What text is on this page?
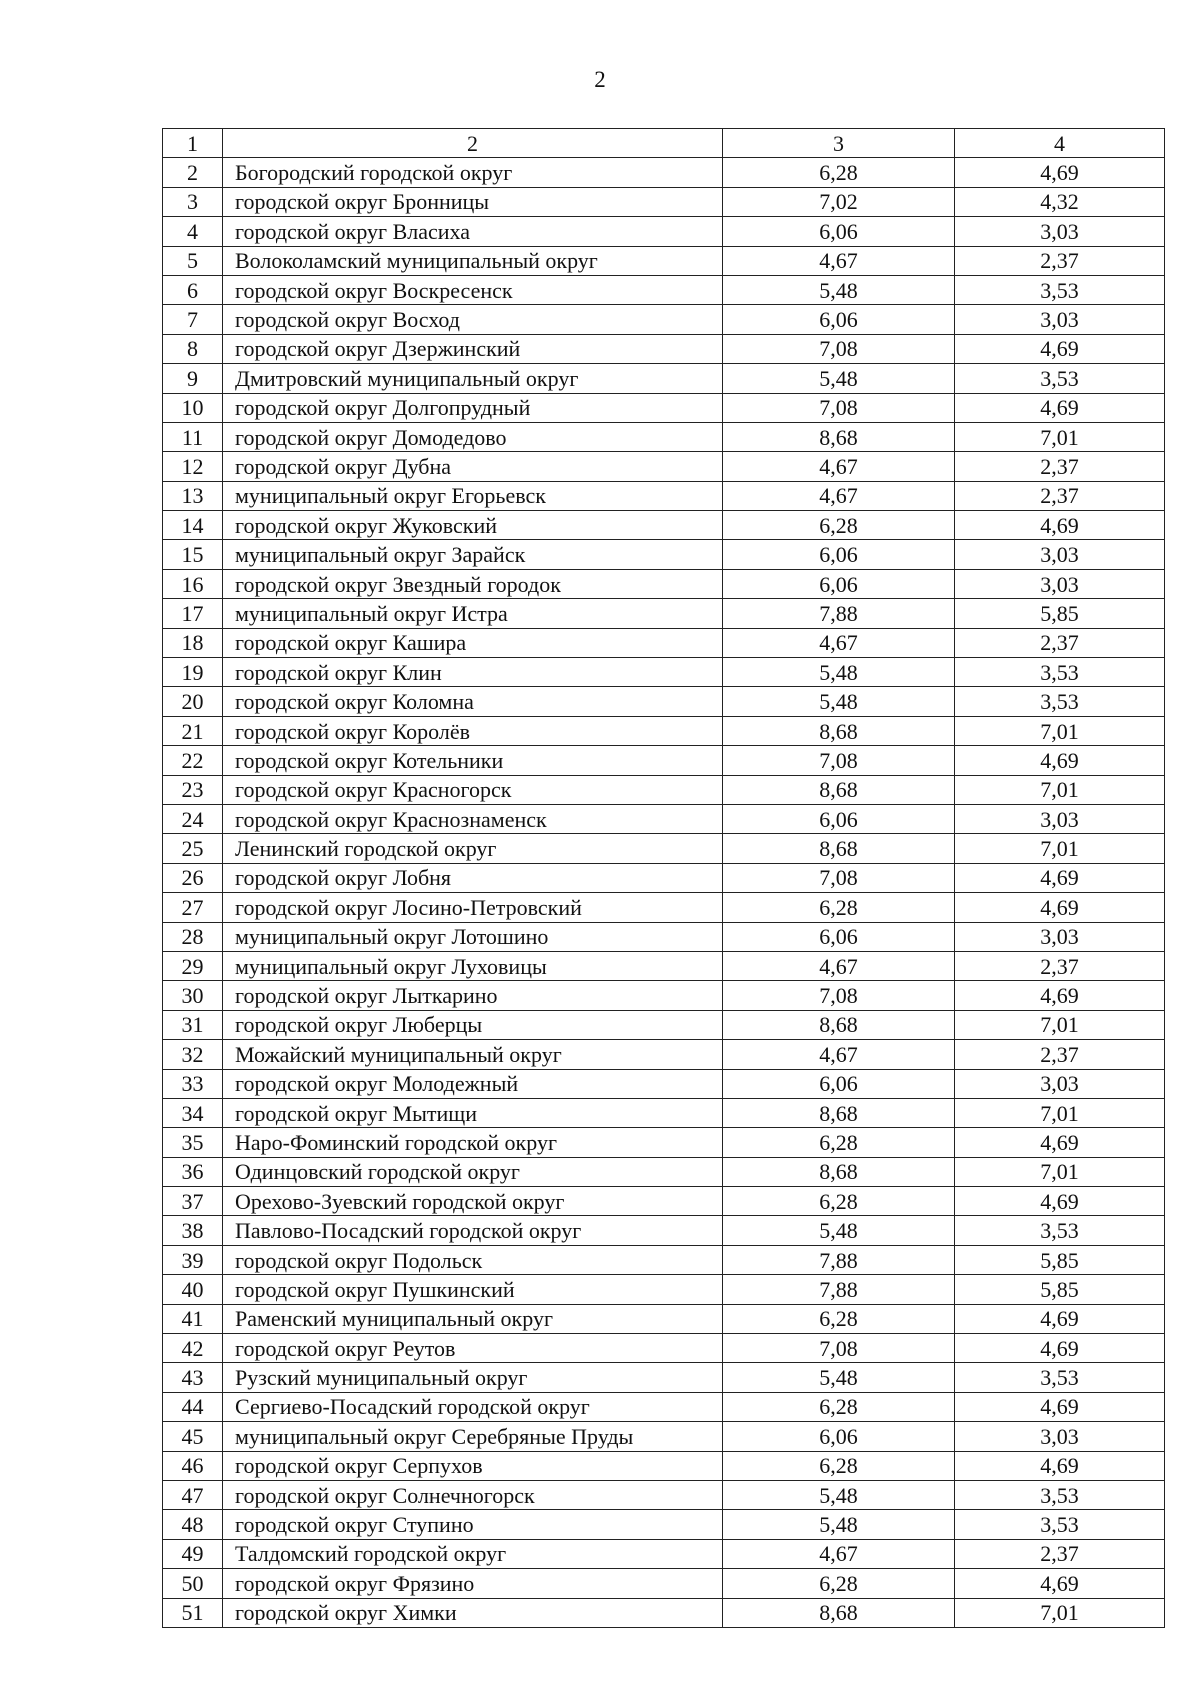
2
1	2	3	4
2	Богородский городской округ	6,28	4,69
3	городской округ Бронницы	7,02	4,32
4	городской округ Власиха	6,06	3,03
5	Волоколамский муниципальный округ	4,67	2,37
6	городской округ Воскресенск	5,48	3,53
7	городской округ Восход	6,06	3,03
8	городской округ Дзержинский	7,08	4,69
9	Дмитровский муниципальный округ	5,48	3,53
10	городской округ Долгопрудный	7,08	4,69
11	городской округ Домодедово	8,68	7,01
12	городской округ Дубна	4,67	2,37
13	муниципальный округ Егорьевск	4,67	2,37
14	городской округ Жуковский	6,28	4,69
15	муниципальный округ Зарайск	6,06	3,03
16	городской округ Звездный городок	6,06	3,03
17	муниципальный округ Истра	7,88	5,85
18	городской округ Кашира	4,67	2,37
19	городской округ Клин	5,48	3,53
20	городской округ Коломна	5,48	3,53
21	городской округ Королёв	8,68	7,01
22	городской округ Котельники	7,08	4,69
23	городской округ Красногорск	8,68	7,01
24	городской округ Краснознаменск	6,06	3,03
25	Ленинский городской округ	8,68	7,01
26	городской округ Лобня	7,08	4,69
27	городской округ Лосино-Петровский	6,28	4,69
28	муниципальный округ Лотошино	6,06	3,03
29	муниципальный округ Луховицы	4,67	2,37
30	городской округ Лыткарино	7,08	4,69
31	городской округ Люберцы	8,68	7,01
32	Можайский муниципальный округ	4,67	2,37
33	городской округ Молодежный	6,06	3,03
34	городской округ Мытищи	8,68	7,01
35	Наро-Фоминский городской округ	6,28	4,69
36	Одинцовский городской округ	8,68	7,01
37	Орехово-Зуевский городской округ	6,28	4,69
38	Павлово-Посадский городской округ	5,48	3,53
39	городской округ Подольск	7,88	5,85
40	городской округ Пушкинский	7,88	5,85
41	Раменский муниципальный округ	6,28	4,69
42	городской округ Реутов	7,08	4,69
43	Рузский муниципальный округ	5,48	3,53
44	Сергиево-Посадский городской округ	6,28	4,69
45	муниципальный округ Серебряные Пруды	6,06	3,03
46	городской округ Серпухов	6,28	4,69
47	городской округ Солнечногорск	5,48	3,53
48	городской округ Ступино	5,48	3,53
49	Талдомский городской округ	4,67	2,37
50	городской округ Фрязино	6,28	4,69
51	городской округ Химки	8,68	7,01
